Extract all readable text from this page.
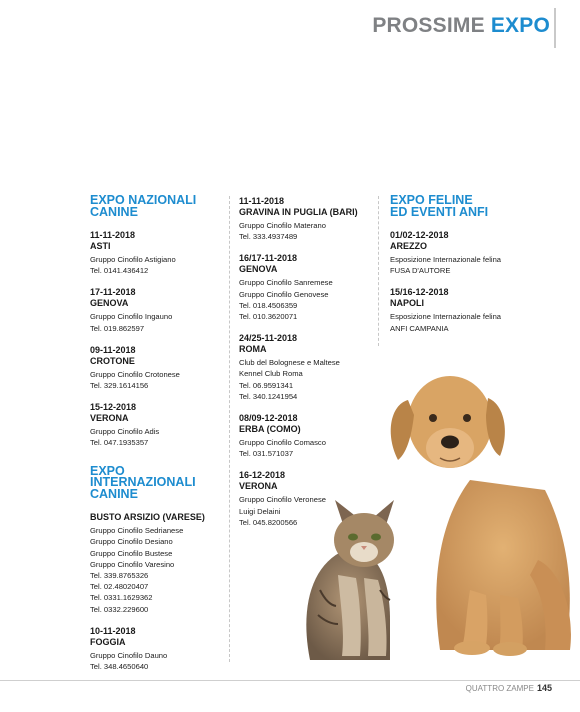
PROSSIME EXPO
EXPO NAZIONALI
CANINE
11-11-2018
ASTI
Gruppo Cinofilo Astigiano
Tel. 0141.436412
17-11-2018
GENOVA
Gruppo Cinofilo Ingauno
Tel. 019.862597
09-11-2018
CROTONE
Gruppo Cinofilo Crotonese
Tel. 329.1614156
15-12-2018
VERONA
Gruppo Cinofilo Adis
Tel. 047.1935357
EXPO
INTERNAZIONALI
CANINE
BUSTO ARSIZIO (VARESE)
Gruppo Cinofilo Sedrianese
Gruppo Cinofilo Desiano
Gruppo Cinofilo Bustese
Gruppo Cinofilo Varesino
Tel. 339.8765326
Tel. 02.48020407
Tel. 0331.1629362
Tel. 0332.229600
10-11-2018
FOGGIA
Gruppo Cinofilo Dauno
Tel. 348.4650640
11-11-2018
GRAVINA IN PUGLIA (BARI)
Gruppo Cinofilo Materano
Tel. 333.4937489
16/17-11-2018
GENOVA
Gruppo Cinofilo Sanremese
Gruppo Cinofilo Genovese
Tel. 018.4506359
Tel. 010.3620071
24/25-11-2018
ROMA
Club del Bolognese e Maltese
Kennel Club Roma
Tel. 06.9591341
Tel. 340.1241954
08/09-12-2018
ERBA (COMO)
Gruppo Cinofilo Comasco
Tel. 031.571037
16-12-2018
VERONA
Gruppo Cinofilo Veronese
Luigi Delaini
Tel. 045.8200566
EXPO FELINE
ED EVENTI ANFI
01/02-12-2018
AREZZO
Esposizione Internazionale felina
FUSA D'AUTORE
15/16-12-2018
NAPOLI
Esposizione Internazionale felina
ANFI CAMPANIA
QUATTRO ZAMPE 145
